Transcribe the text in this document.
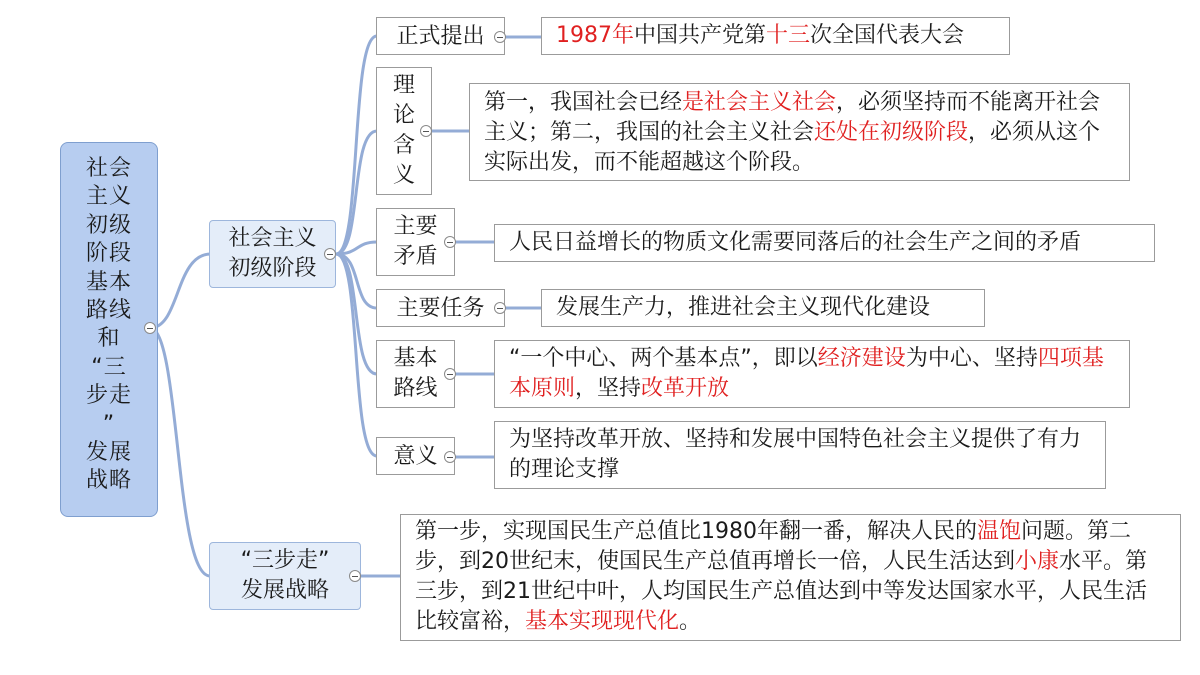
社会
主义
初级
阶段
基本
路线
和
“三
步走
”
发展
战略
社会主义
初级阶段
“三步走”
发展战略
正式提出
理
论
含
义
主要
矛盾
主要任务
基本
路线
意义
1987年中国共产党第十三次全国代表大会
第一，我国社会已经是社会主义社会，必须坚持而不能离开社会主义；第二，我国的社会主义社会还处在初级阶段，必须从这个实际出发，而不能超越这个阶段。
人民日益增长的物质文化需要同落后的社会生产之间的矛盾
发展生产力，推进社会主义现代化建设
“一个中心、两个基本点”，即以经济建设为中心、坚持四项基本原则，坚持改革开放
为坚持改革开放、坚持和发展中国特色社会主义提供了有力的理论支撑
第一步，实现国民生产总值比1980年翻一番，解决人民的温饱问题。第二步，到20世纪末，使国民生产总值再增长一倍，人民生活达到小康水平。第三步，到21世纪中叶，人均国民生产总值达到中等发达国家水平，人民生活比较富裕，基本实现现代化。
